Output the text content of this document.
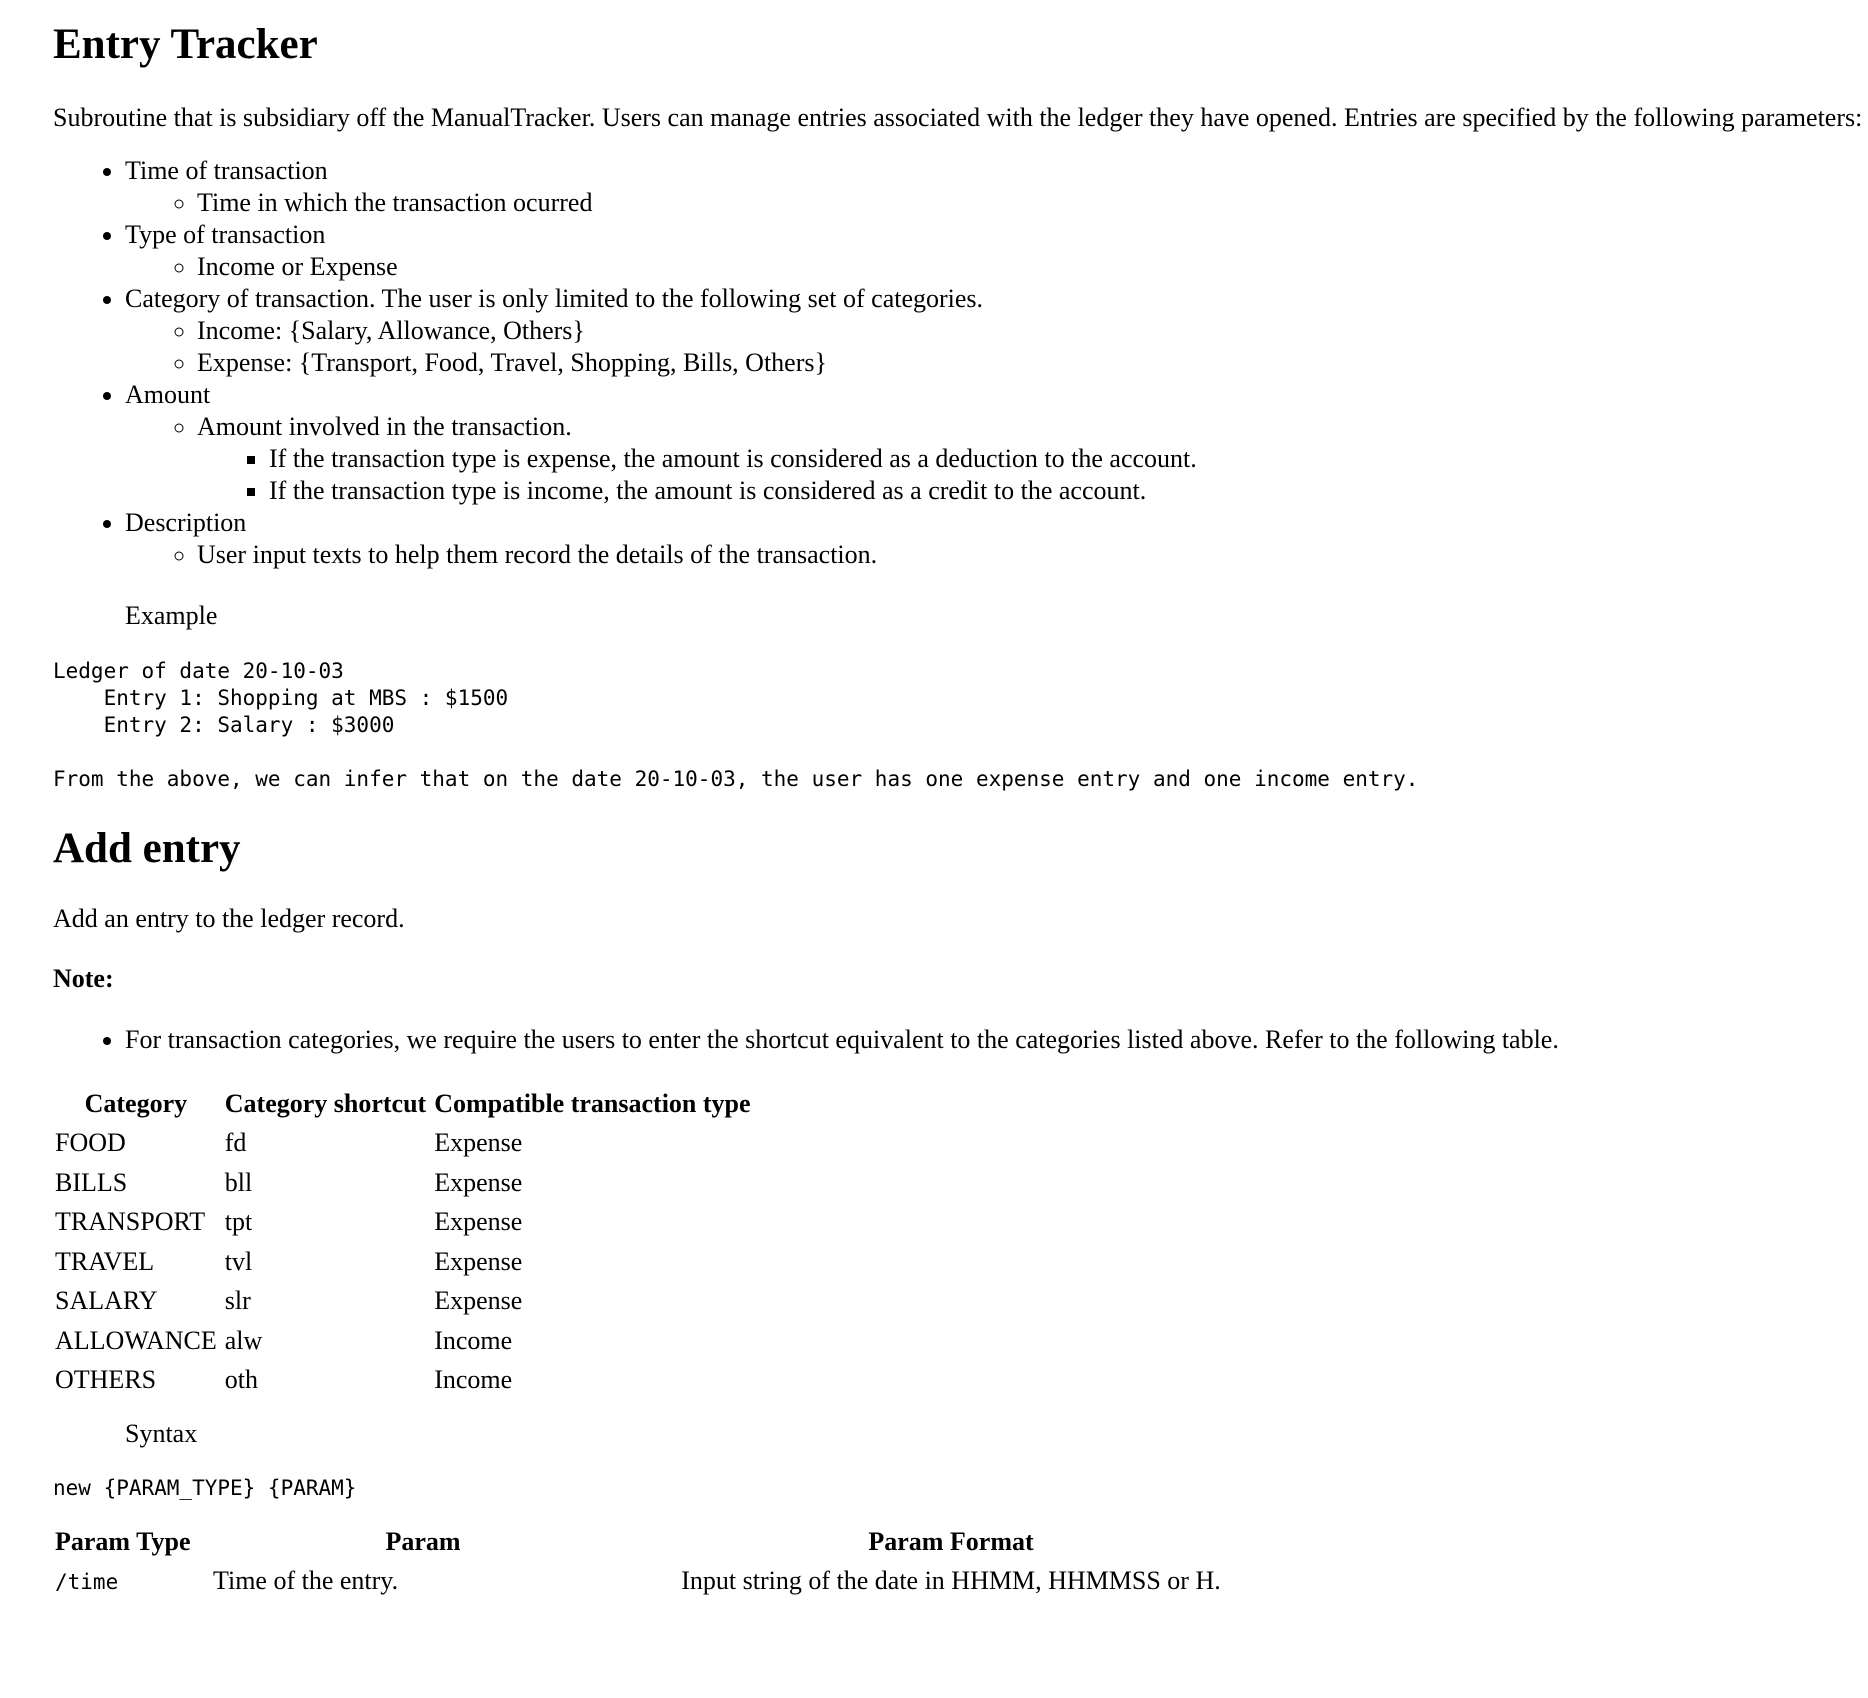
Entry Tracker

Subroutine that is subsidiary off the ManualTracker. Users can manage entries associated with the ledger they have opened. Entries are specified by the following parameters:

• Time of transaction
◦ Time in which the transaction ocurred
• Type of transaction
◦ Income or Expense
• Category of transaction. The user is only limited to the following set of categories.
◦ Income: {Salary, Allowance, Others}
◦ Expense: {Transport, Food, Travel, Shopping, Bills, Others}
• Amount
◦ Amount involved in the transaction.
▪ If the transaction type is expense, the amount is considered as a deduction to the account.
▪ If the transaction type is income, the amount is considered as a credit to the account.
• Description
◦ User input texts to help them record the details of the transaction.

Example

Ledger of date 20-10-03
Entry 1: Shopping at MBS : $1500
Entry 2: Salary : $3000
From the above, we can infer that on the date 20-10-03, the user has one expense entry and one income entry.
Add entry

Add an entry to the ledger record.

Note:

• For transaction categories, we require the users to enter the shortcut equivalent to the categories listed above. Refer to the following table.
Category	Category shortcut	Compatible transaction type
FOOD	fd	Expense
BILLS	bll	Expense
TRANSPORT	tpt	Expense
TRAVEL	tvl	Expense
SALARY	slr	Expense
ALLOWANCE	alw	Income
OTHERS	oth	Income

Syntax

new {PARAM_TYPE} {PARAM}
Param Type	Param	Param Format
/time	Time of the entry.	Input string of the date in HHMM, HHMMSS or H.
